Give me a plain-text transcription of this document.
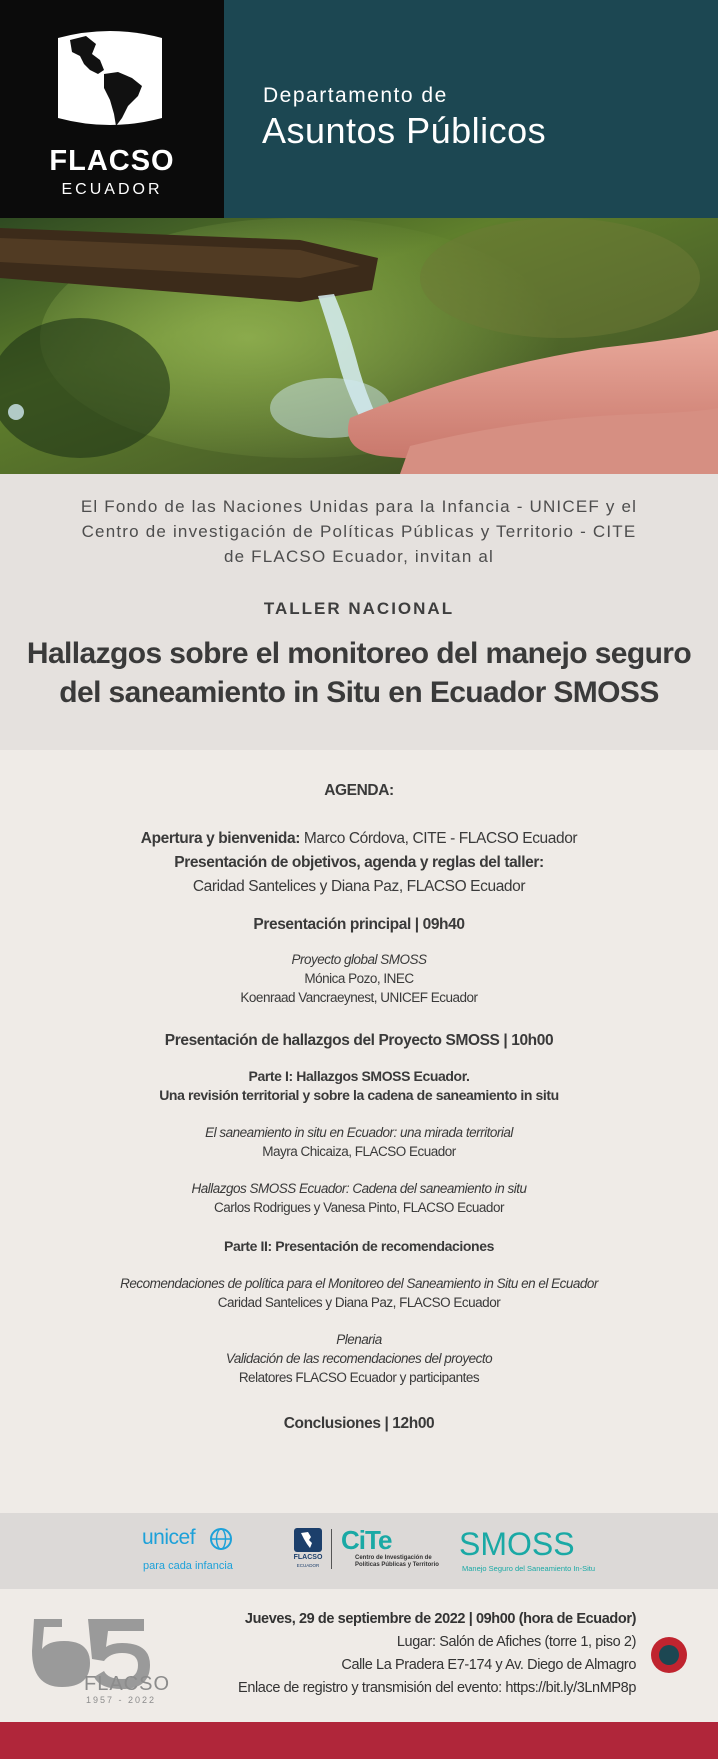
FLACSO
ECUADOR
Departamento de
Asuntos Públicos
El Fondo de las Naciones Unidas para la Infancia - UNICEF y el
Centro de investigación de Políticas Públicas y Territorio - CITE
de FLACSO Ecuador, invitan al
TALLER NACIONAL
Hallazgos sobre el monitoreo del manejo seguro
del saneamiento in Situ en Ecuador SMOSS
AGENDA:
Apertura y bienvenida: Marco Córdova, CITE - FLACSO Ecuador
Presentación de objetivos, agenda y reglas del taller:
Caridad Santelices y Diana Paz, FLACSO Ecuador
Presentación principal | 09h40
Proyecto global SMOSS
Mónica Pozo, INEC
Koenraad Vancraeynest, UNICEF Ecuador
Presentación de hallazgos del Proyecto SMOSS | 10h00
Parte I: Hallazgos SMOSS Ecuador.
Una revisión territorial y sobre la cadena de saneamiento in situ
El saneamiento in situ en Ecuador: una mirada territorial
Mayra Chicaiza, FLACSO Ecuador
Hallazgos SMOSS Ecuador: Cadena del saneamiento in situ
Carlos Rodrigues y Vanesa Pinto, FLACSO Ecuador
Parte II: Presentación de recomendaciones
Recomendaciones de política para el Monitoreo del Saneamiento in Situ en el Ecuador
Caridad Santelices y Diana Paz, FLACSO Ecuador
Plenaria
Validación de las recomendaciones del proyecto
Relatores FLACSO Ecuador y participantes
Conclusiones | 12h00
unicef
para cada infancia
FLACSO
ECUADOR
CiTe
Centro de Investigación de
Políticas Públicas y Territorio
SMOSS
Manejo Seguro del Saneamiento In-Situ
FLACSO
1957 - 2022
Jueves, 29 de septiembre de 2022 | 09h00 (hora de Ecuador)
Lugar: Salón de Afiches (torre 1, piso 2)
Calle La Pradera E7-174 y Av. Diego de Almagro
Enlace de registro y transmisión del evento: https://bit.ly/3LnMP8p
